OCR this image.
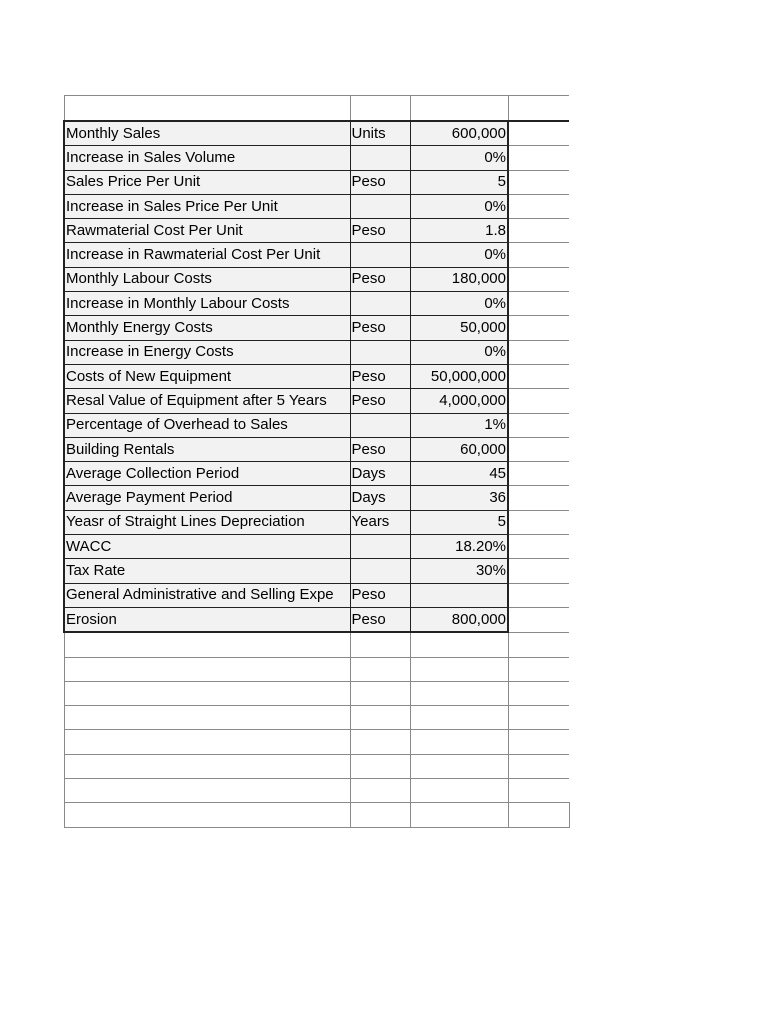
Monthly Sales	Units	600,000	
Increase in Sales Volume		0%	
Sales Price Per Unit	Peso	5	
Increase in Sales Price Per Unit		0%	
Rawmaterial Cost Per Unit	Peso	1.8	
Increase in Rawmaterial Cost Per Unit		0%	
Monthly Labour Costs	Peso	180,000	
Increase in Monthly Labour Costs		0%	
Monthly Energy Costs	Peso	50,000	
Increase in Energy Costs		0%	
Costs of New Equipment	Peso	50,000,000	
Resal Value of Equipment after 5 Years	Peso	4,000,000	
Percentage of Overhead to Sales		1%	
Building Rentals	Peso	60,000	
Average Collection Period	Days	45	
Average Payment Period	Days	36	
Yeasr of Straight Lines Depreciation	Years	5	
WACC		18.20%	
Tax Rate		30%	
General Administrative and Selling Expe	Peso		
Erosion	Peso	800,000	
